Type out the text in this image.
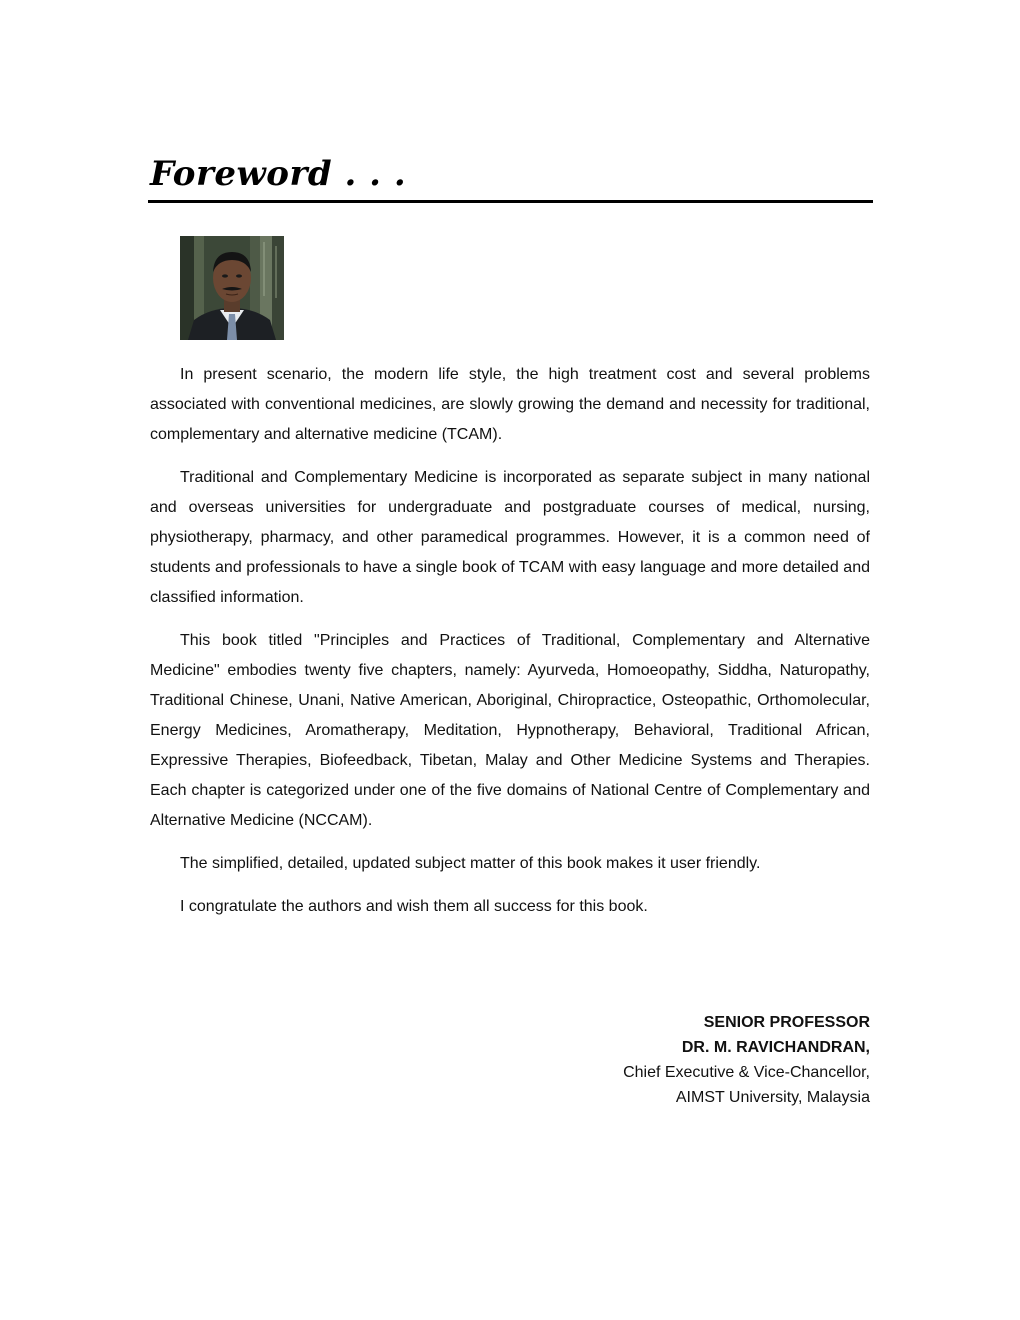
Foreword . . .

In present scenario, the modern life style, the high treatment cost and several problems associated with conventional medicines, are slowly growing the demand and necessity for traditional, complementary and alternative medicine (TCAM).

Traditional and Complementary Medicine is incorporated as separate subject in many national and overseas universities for undergraduate and postgraduate courses of medical, nursing, physiotherapy, pharmacy, and other paramedical programmes. However, it is a common need of students and professionals to have a single book of TCAM with easy language and more detailed and classified information.

This book titled "Principles and Practices of Traditional, Complementary and Alternative Medicine" embodies twenty five chapters, namely: Ayurveda, Homoeopathy, Siddha, Naturopathy, Traditional Chinese, Unani, Native American, Aboriginal, Chiropractice, Osteopathic, Orthomolecular, Energy Medicines, Aromatherapy, Meditation, Hypnotherapy, Behavioral, Traditional African, Expressive Therapies, Biofeedback, Tibetan, Malay and Other Medicine Systems and Therapies. Each chapter is categorized under one of the five domains of National Centre of Complementary and Alternative Medicine (NCCAM).

The simplified, detailed, updated subject matter of this book makes it user friendly.

I congratulate the authors and wish them all success for this book.

SENIOR PROFESSOR
DR. M. RAVICHANDRAN,
Chief Executive & Vice-Chancellor,
AIMST University, Malaysia
